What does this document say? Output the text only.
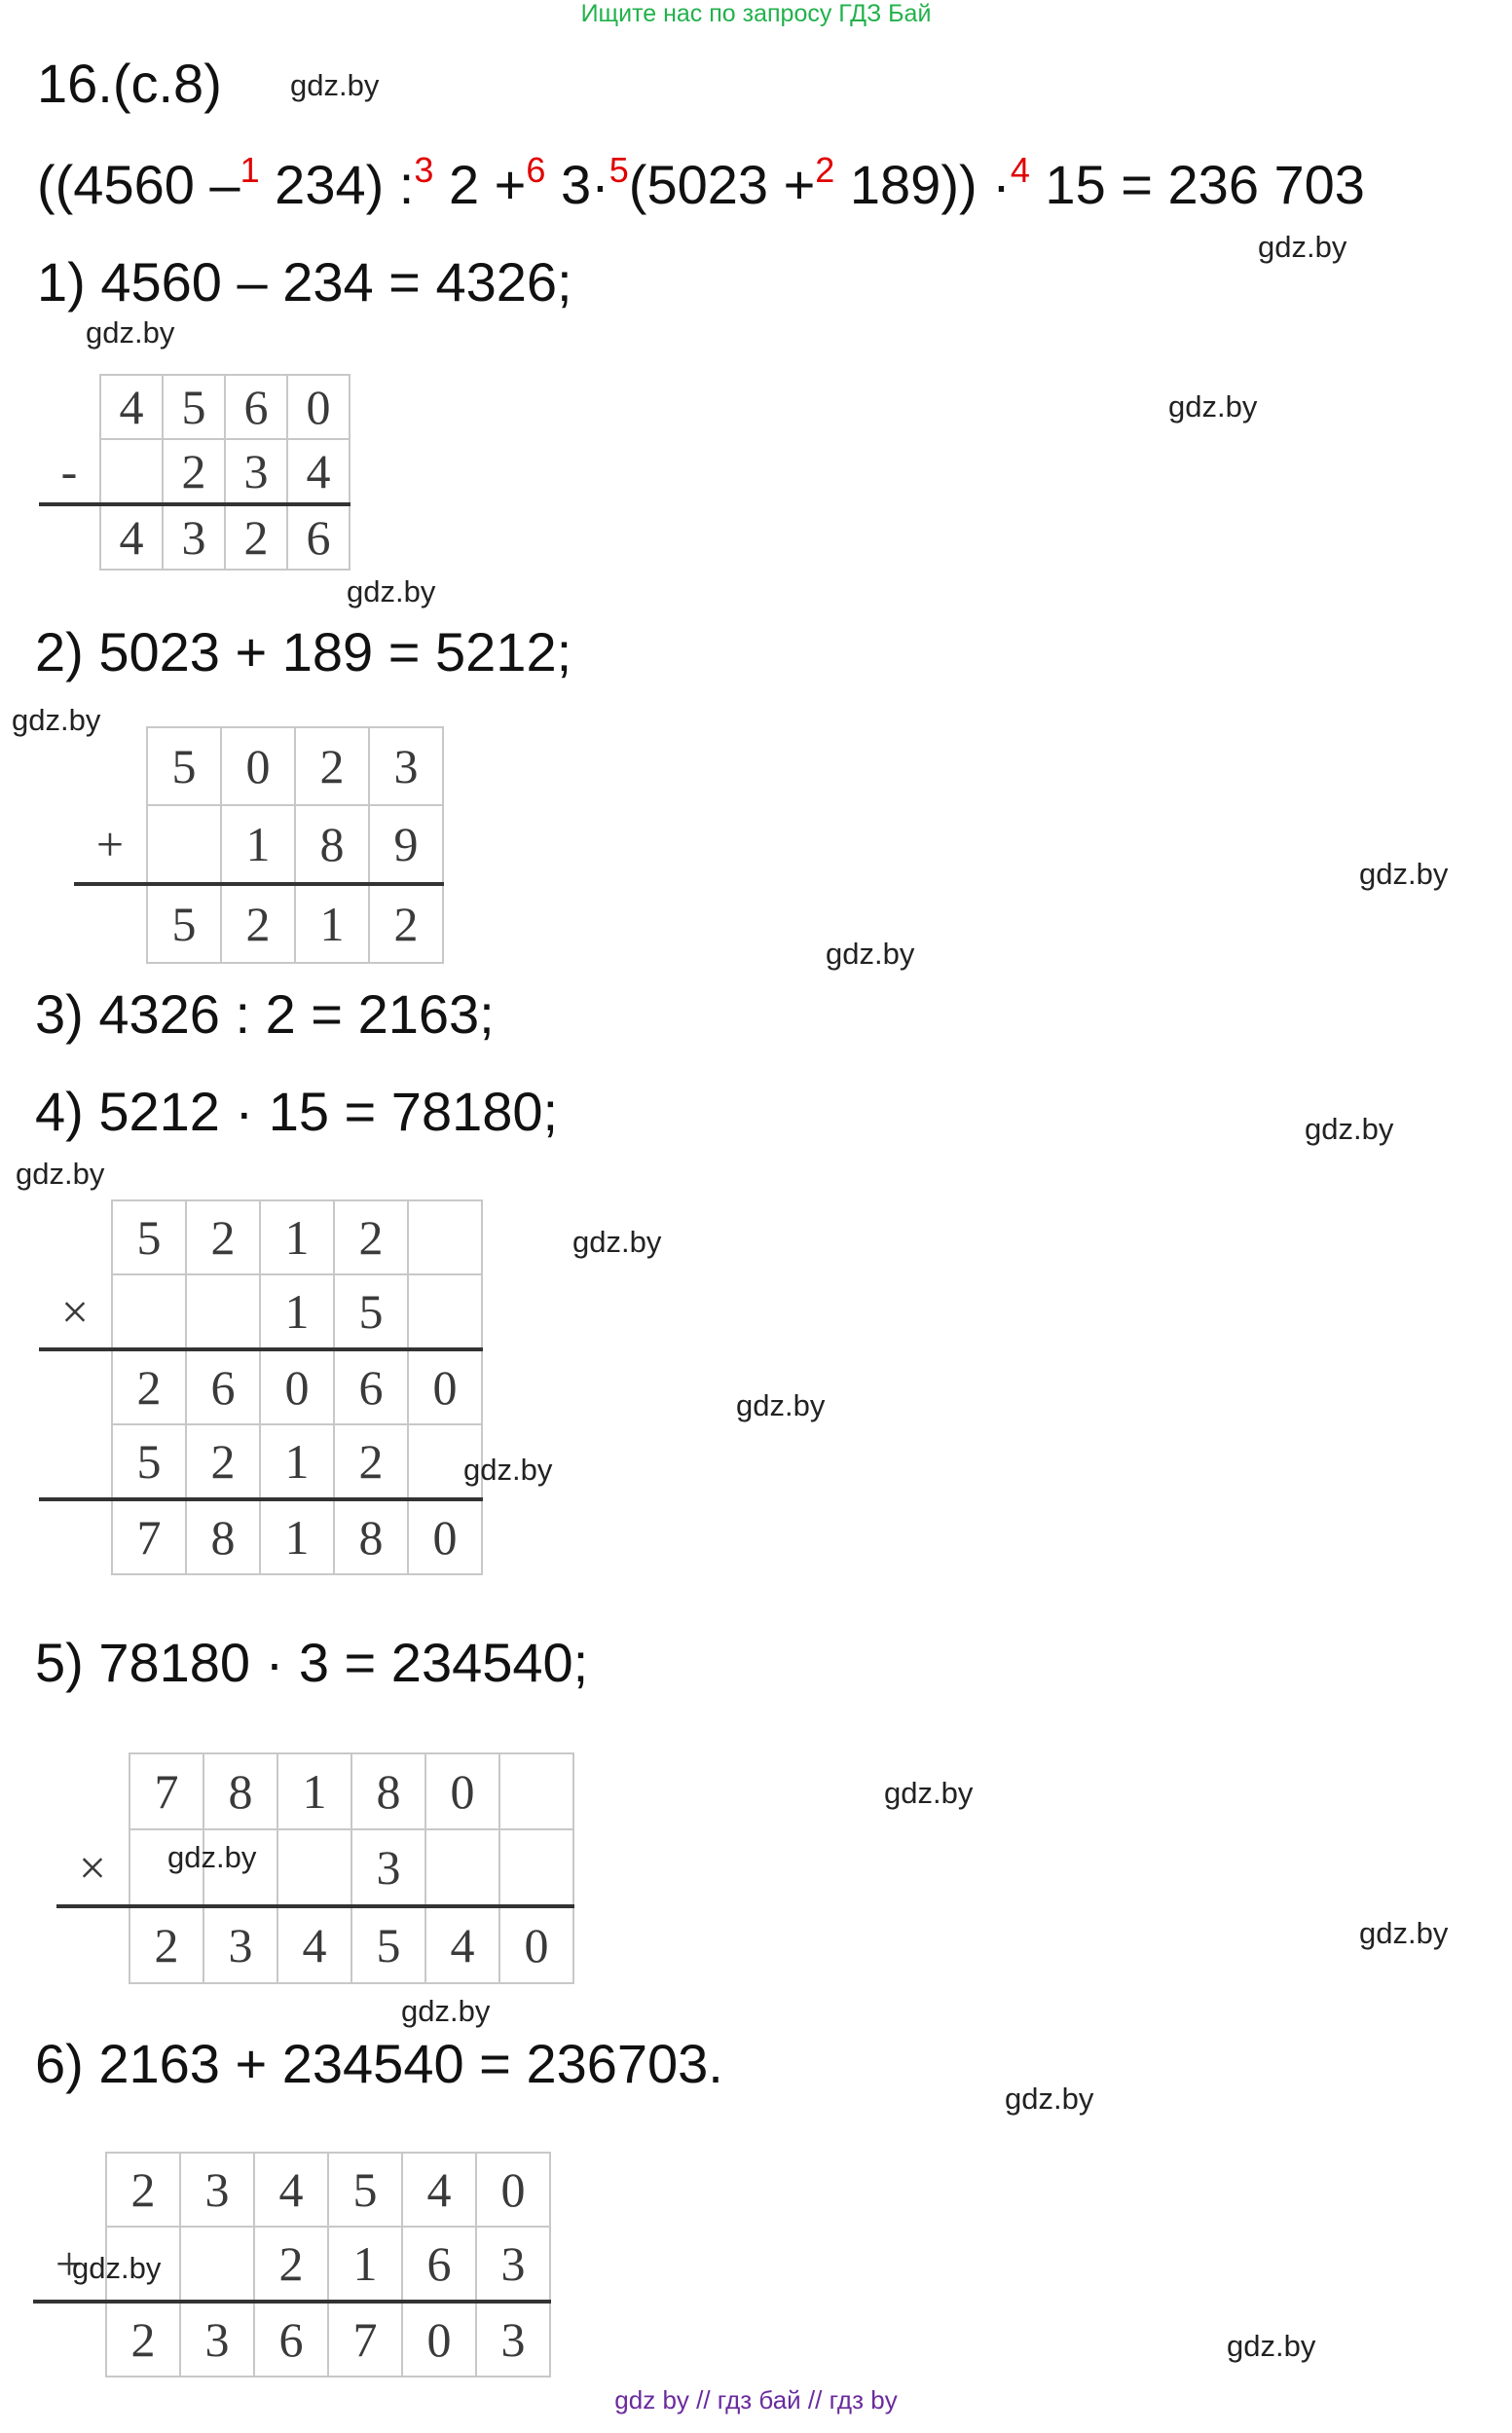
Ищите нас по запросу ГДЗ Бай
16.(с.8)
((4560 –$^1$ 234) :$^3$ 2 +$^6$ 3·$^5$(5023 +$^2$ 189)) ·$^4$ 15 = 236 703
1) 4560 – 234 = 4326;
2) 5023 + 189 = 5212;
3) 4326 : 2 = 2163;
4) 5212 · 15 = 78180;
5) 78180 · 3 = 234540;
6) 2163 + 234540 = 236703.
	4	5	6	0
-		2	3	4
	4	3	2	6
	5	0	2	3
+		1	8	9
	5	2	1	2
	5	2	1	2	
×			1	5	
	2	6	0	6	0
	5	2	1	2	
	7	8	1	8	0
	7	8	1	8	0	
×				3		
	2	3	4	5	4	0
	2	3	4	5	4	0
+			2	1	6	3
	2	3	6	7	0	3
gdz.by
gdz.by
gdz.by
gdz.by
gdz.by
gdz.by
gdz.by
gdz.by
gdz.by
gdz.by
gdz.by
gdz.by
gdz.by
gdz.by
gdz.by
gdz.by
gdz.by
gdz.by
gdz.by
gdz.by
gdz by // гдз бай // гдз by
